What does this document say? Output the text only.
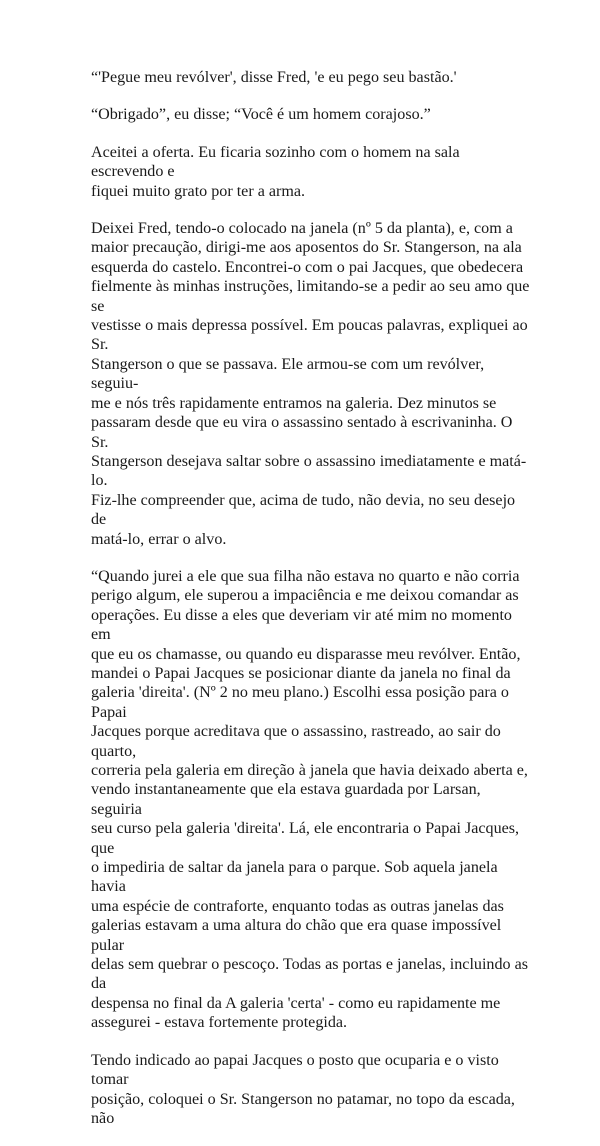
“'Pegue meu revólver', disse Fred, 'e eu pego seu bastão.'

“Obrigado”, eu disse; “Você é um homem corajoso.”

Aceitei a oferta. Eu ficaria sozinho com o homem na sala escrevendo e
fiquei muito grato por ter a arma.

Deixei Fred, tendo-o colocado na janela (nº 5 da planta), e, com a
maior precaução, dirigi-me aos aposentos do Sr. Stangerson, na ala
esquerda do castelo. Encontrei-o com o pai Jacques, que obedecera
fielmente às minhas instruções, limitando-se a pedir ao seu amo que se
vestisse o mais depressa possível. Em poucas palavras, expliquei ao Sr.
Stangerson o que se passava. Ele armou-se com um revólver, seguiu-
me e nós três rapidamente entramos na galeria. Dez minutos se
passaram desde que eu vira o assassino sentado à escrivaninha. O Sr.
Stangerson desejava saltar sobre o assassino imediatamente e matá-lo.
Fiz-lhe compreender que, acima de tudo, não devia, no seu desejo de
matá-lo, errar o alvo.

“Quando jurei a ele que sua filha não estava no quarto e não corria
perigo algum, ele superou a impaciência e me deixou comandar as
operações. Eu disse a eles que deveriam vir até mim no momento em
que eu os chamasse, ou quando eu disparasse meu revólver. Então,
mandei o Papai Jacques se posicionar diante da janela no final da
galeria 'direita'. (Nº 2 no meu plano.) Escolhi essa posição para o Papai
Jacques porque acreditava que o assassino, rastreado, ao sair do quarto,
correria pela galeria em direção à janela que havia deixado aberta e,
vendo instantaneamente que ela estava guardada por Larsan, seguiria
seu curso pela galeria 'direita'. Lá, ele encontraria o Papai Jacques, que
o impediria de saltar da janela para o parque. Sob aquela janela havia
uma espécie de contraforte, enquanto todas as outras janelas das
galerias estavam a uma altura do chão que era quase impossível pular
delas sem quebrar o pescoço. Todas as portas e janelas, incluindo as da
despensa no final da A galeria 'certa' - como eu rapidamente me
assegurei - estava fortemente protegida.

Tendo indicado ao papai Jacques o posto que ocuparia e o visto tomar
posição, coloquei o Sr. Stangerson no patamar, no topo da escada, não
